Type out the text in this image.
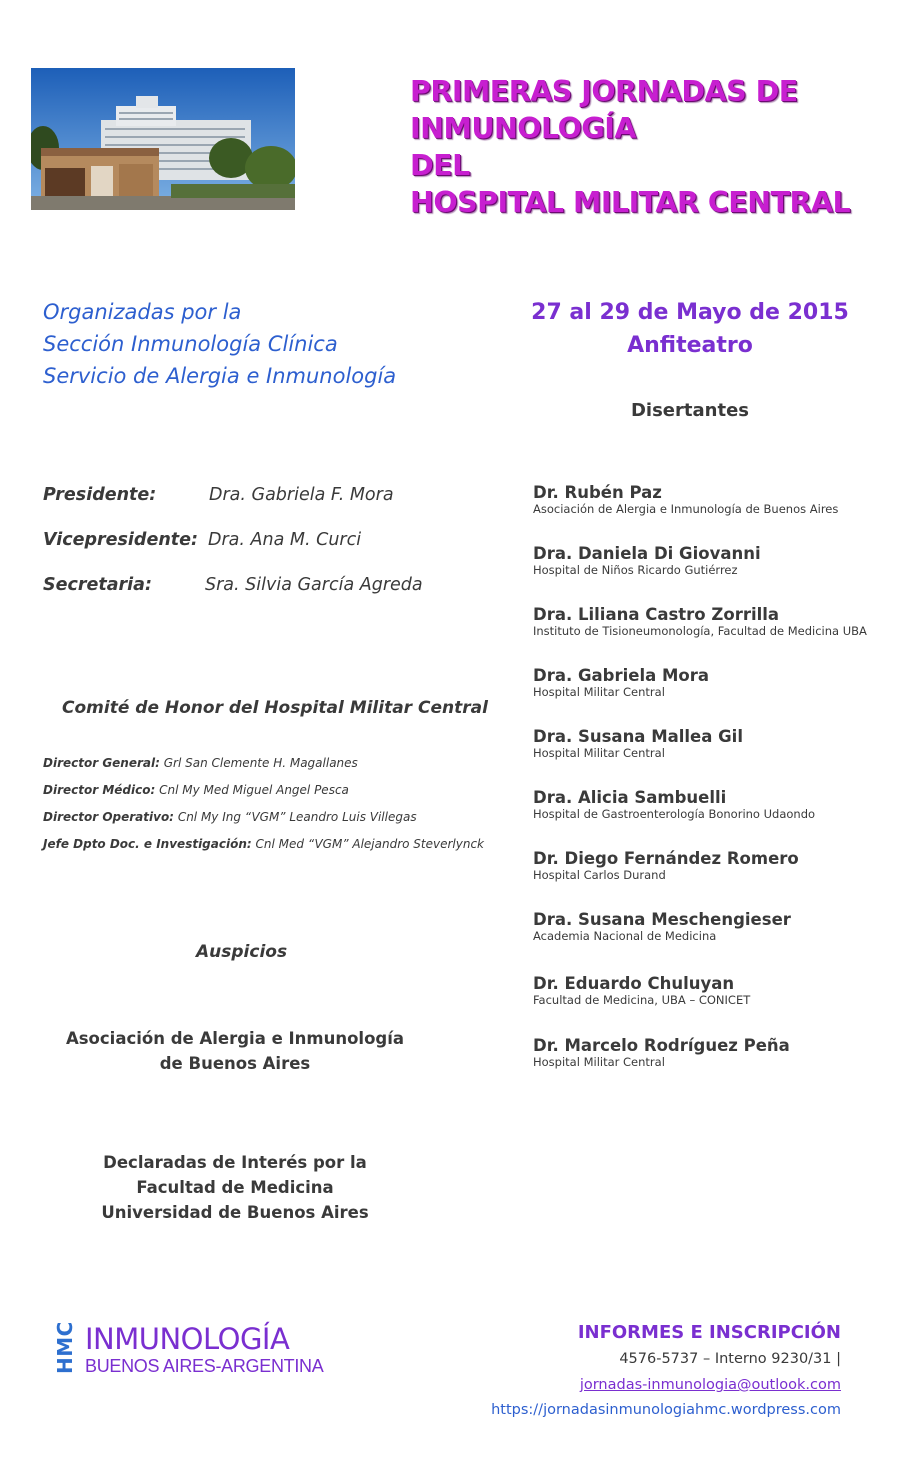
PRIMERAS JORNADAS DE
INMUNOLOGÍA
DEL
HOSPITAL MILITAR CENTRAL
Organizadas por la
Sección Inmunología Clínica
Servicio de Alergia e Inmunología
27 al 29 de Mayo de 2015
Anfiteatro
Disertantes
Presidente:	Dra. Gabriela F. Mora
Vicepresidente: Dra. Ana M. Curci
Secretaria:	Sra. Silvia García Agreda
Comité de Honor del Hospital Militar Central
Director General: Grl San Clemente H. Magallanes
Director Médico: Cnl My Med Miguel Angel Pesca
Director Operativo: Cnl My Ing “VGM” Leandro Luis Villegas
Jefe Dpto Doc. e Investigación: Cnl Med “VGM” Alejandro Steverlynck
Auspicios
Asociación de Alergia e Inmunología
de Buenos Aires
Declaradas de Interés por la
Facultad de Medicina
Universidad de Buenos Aires
Dr. Rubén Paz
Asociación de Alergia e Inmunología de Buenos Aires
Dra. Daniela Di Giovanni
Hospital de Niños Ricardo Gutiérrez
Dra. Liliana Castro Zorrilla
Instituto de Tisioneumonología, Facultad de Medicina UBA
Dra. Gabriela Mora
Hospital Militar Central
Dra. Susana Mallea Gil
Hospital Militar Central
Dra. Alicia Sambuelli
Hospital de Gastroenterología Bonorino Udaondo
Dr. Diego Fernández Romero
Hospital Carlos Durand
Dra. Susana Meschengieser
Academia Nacional de Medicina
Dr. Eduardo Chuluyan
Facultad de Medicina, UBA – CONICET
Dr. Marcelo Rodríguez Peña
Hospital Militar Central
HMC INMUNOLOGÍA
BUENOS AIRES-ARGENTINA
INFORMES E INSCRIPCIÓN
4576-5737 – Interno 9230/31 |
jornadas-inmunologia@outlook.com
https://jornadasinmunologiahmc.wordpress.com
